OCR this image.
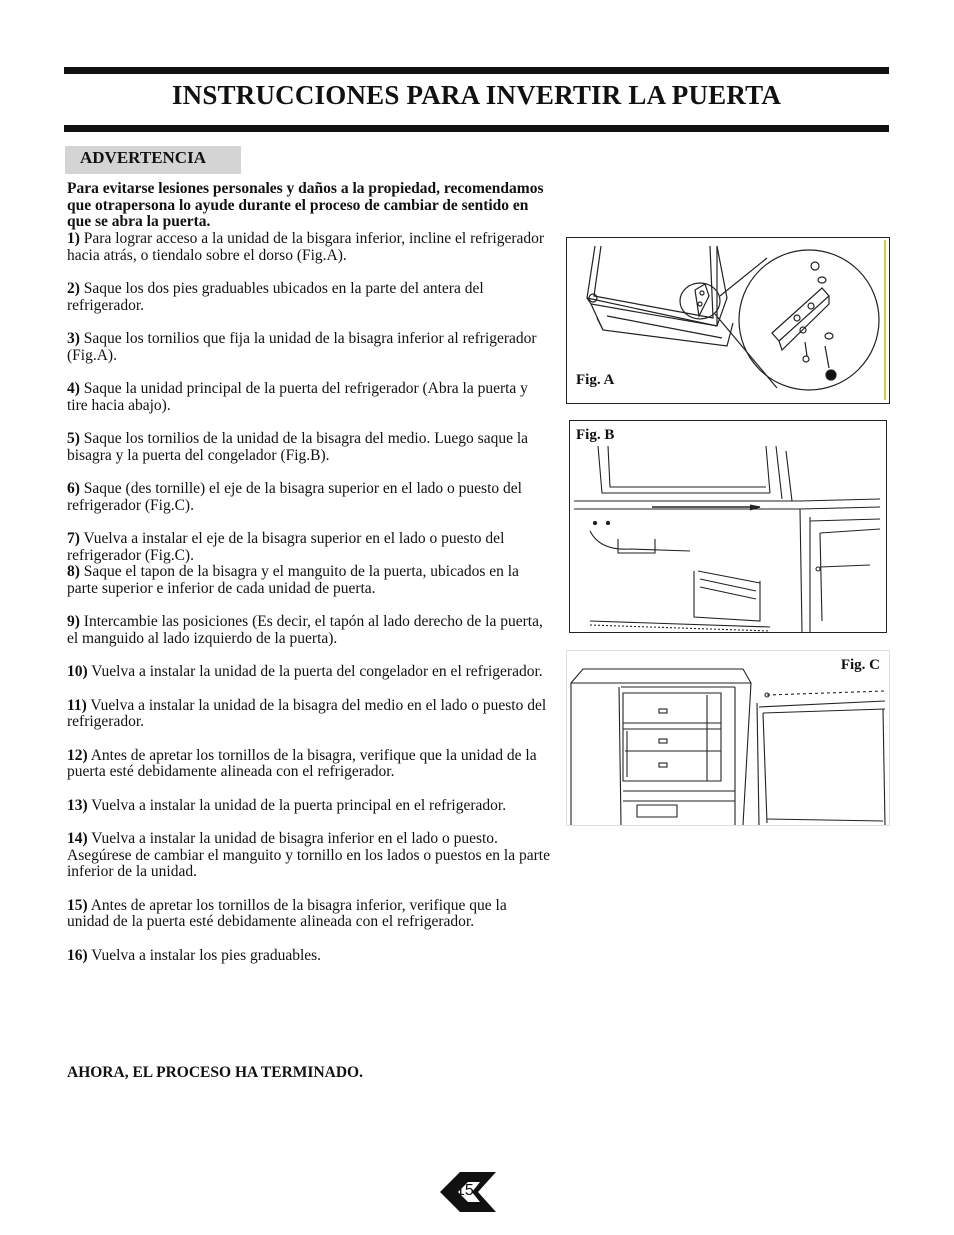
INSTRUCCIONES PARA INVERTIR LA PUERTA
ADVERTENCIA

Para evitarse lesiones personales y daños a la propiedad, recomendamos que otrapersona lo ayude durante el proceso de cambiar de sentido en que se abra la puerta.

1) Para lograr acceso a la unidad de la bisgara inferior, incline el refrigerador hacia atrás, o tiendalo sobre el dorso (Fig.A).

2) Saque los dos pies graduables ubicados en la parte del antera del refrigerador.

3) Saque los tornilios que fija la unidad de la bisagra inferior al refrigerador (Fig.A).

4) Saque la unidad principal de la puerta del refrigerador (Abra la puerta y tire hacia abajo).

5) Saque los tornilios de la unidad de la bisagra del medio. Luego saque la bisagra y la puerta del congelador (Fig.B).

6) Saque (des tornille) el eje de la bisagra superior en el lado o puesto del refrigerador (Fig.C).

7) Vuelva a instalar el eje de la bisagra superior en el lado o puesto del refrigerador (Fig.C).

8) Saque el tapon de la bisagra y el manguito de la puerta, ubicados en la parte superior e inferior de cada unidad de puerta.

9) Intercambie las posiciones (Es decir, el tapón al lado derecho de la puerta, el manguido al lado izquierdo de la puerta).

10) Vuelva a instalar la unidad de la puerta del congelador en el refrigerador.

11) Vuelva a instalar la unidad de la bisagra del medio en el lado o puesto del refrigerador.

12) Antes de apretar los tornillos de la bisagra, verifique que la unidad de la puerta esté debidamente alineada con el refrigerador.

13) Vuelva a instalar la unidad de la puerta principal en el refrigerador.

14) Vuelva a instalar la unidad de bisagra inferior en el lado o puesto. Asegúrese de cambiar el manguito y tornillo en los lados o puestos en la parte inferior de la unidad.

15) Antes de apretar los tornillos de la bisagra inferior, verifique que la unidad de la puerta esté debidamente alineada con el refrigerador.

16) Vuelva a instalar los pies graduables.

AHORA, EL PROCESO HA TERMINADO.
Fig. A
Fig. B
Fig. C
15
